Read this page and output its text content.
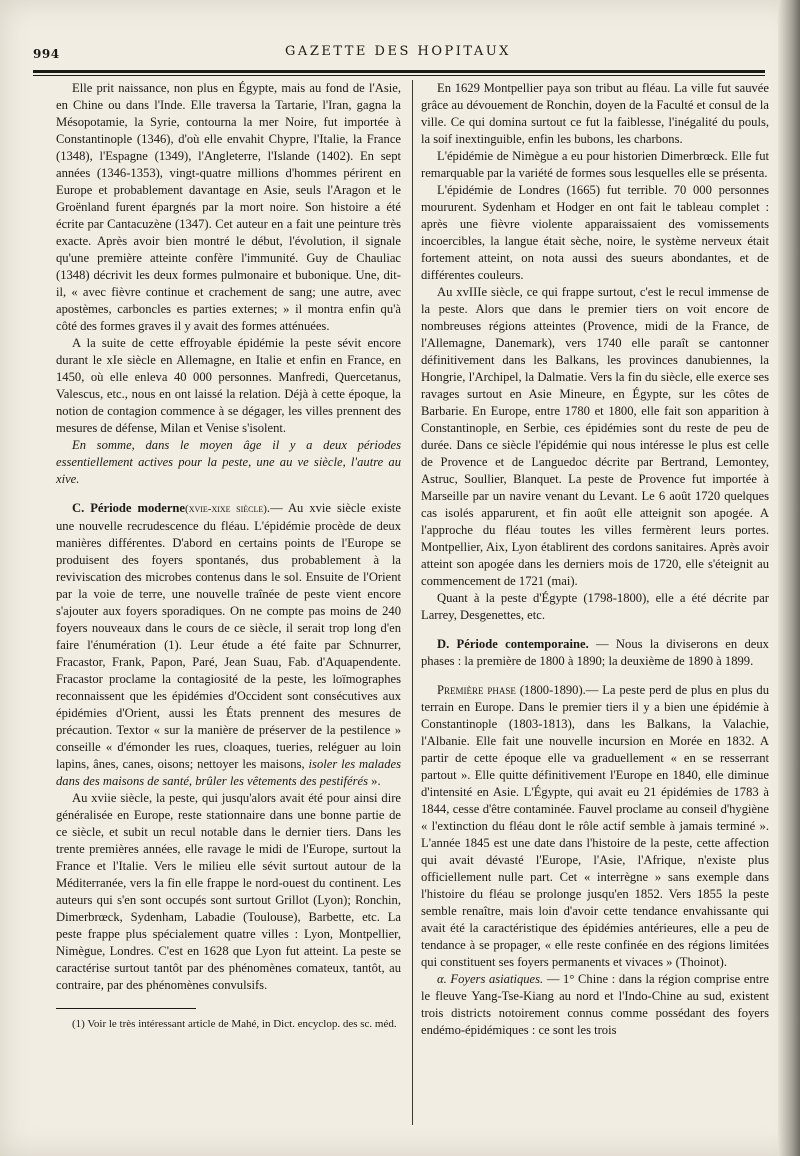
994	GAZETTE DES HOPITAUX

Elle prit naissance, non plus en Égypte, mais au fond de l'Asie, en Chine ou dans l'Inde. Elle traversa la Tartarie, l'Iran, gagna la Mésopotamie, la Syrie, contourna la mer Noire, fut importée à Constantinople (1346), d'où elle envahit Chypre, l'Italie, la France (1348), l'Espagne (1349), l'Angleterre, l'Islande (1402). En sept années (1346-1353), vingt-quatre millions d'hommes périrent en Europe et probablement davantage en Asie, seuls l'Aragon et le Groënland furent épargnés par la mort noire. Son histoire a été écrite par Cantacuzène (1347). Cet auteur en a fait une peinture très exacte. Après avoir bien montré le début, l'évolution, il signale qu'une première atteinte confère l'immunité. Guy de Chauliac (1348) décrivit les deux formes pulmonaire et bubonique. Une, dit-il, « avec fièvre continue et crachement de sang; une autre, avec apostèmes, carboncles es parties externes; » il montra enfin qu'à côté des formes graves il y avait des formes atténuées.

A la suite de cette effroyable épidémie la peste sévit encore durant le xIe siècle en Allemagne, en Italie et enfin en France, en 1450, où elle enleva 40 000 personnes. Manfredi, Quercetanus, Valescus, etc., nous en ont laissé la relation. Déjà à cette époque, la notion de contagion commence à se dégager, les villes prennent des mesures de défense, Milan et Venise s'isolent.

En somme, dans le moyen âge il y a deux périodes essentiellement actives pour la peste, une au ve siècle, l'autre au xive.

C. Période moderne(xvie-xixe siècle).— Au xvie siècle existe une nouvelle recrudescence du fléau. L'épidémie procède de deux manières différentes. D'abord en certains points de l'Europe se produisent des foyers spontanés, dus probablement à la reviviscation des microbes contenus dans le sol. Ensuite de l'Orient par la voie de terre, une nouvelle traînée de peste vient encore s'ajouter aux foyers sporadiques. On ne compte pas moins de 240 foyers nouveaux dans le cours de ce siècle, il serait trop long d'en faire l'énumération (1). Leur étude a été faite par Schnurrer, Fracastor, Frank, Papon, Paré, Jean Suau, Fab. d'Aquapendente. Fracastor proclame la contagiosité de la peste, les loïmographes reconnaissent que les épidémies d'Occident sont consécutives aux épidémies d'Orient, aussi les États prennent des mesures de précaution. Textor « sur la manière de préserver de la pestilence » conseille « d'émonder les rues, cloaques, tueries, reléguer au loin lapins, ânes, canes, oisons; nettoyer les maisons, isoler les malades dans des maisons de santé, brûler les vêtements des pestiférés ».

Au xviie siècle, la peste, qui jusqu'alors avait été pour ainsi dire généralisée en Europe, reste stationnaire dans une bonne partie de ce siècle, et subit un recul notable dans le dernier tiers. Dans les trente premières années, elle ravage le midi de l'Europe, surtout la France et l'Italie. Vers le milieu elle sévit surtout autour de la Méditerranée, vers la fin elle frappe le nord-ouest du continent. Les auteurs qui s'en sont occupés sont surtout Grillot (Lyon); Ronchin, Dimerbrœck, Sydenham, Labadie (Toulouse), Barbette, etc. La peste frappe plus spécialement quatre villes : Lyon, Montpellier, Nimègue, Londres. C'est en 1628 que Lyon fut atteint. La peste se caractérise surtout tantôt par des phénomènes comateux, tantôt, au contraire, par des phénomènes convulsifs.

(1) Voir le très intéressant article de Mahé, in Dict. encyclop. des sc. méd.

En 1629 Montpellier paya son tribut au fléau. La ville fut sauvée grâce au dévouement de Ronchin, doyen de la Faculté et consul de la ville. Ce qui domina surtout ce fut la faiblesse, l'inégalité du pouls, la soif inextinguible, enfin les bubons, les charbons.

L'épidémie de Nimègue a eu pour historien Dimerbrœck. Elle fut remarquable par la variété de formes sous lesquelles elle se présenta.

L'épidémie de Londres (1665) fut terrible. 70 000 personnes moururent. Sydenham et Hodger en ont fait le tableau complet : après une fièvre violente apparaissaient des vomissements incoercibles, la langue était sèche, noire, le système nerveux était fortement atteint, on nota aussi des sueurs abondantes, et de différentes couleurs.

Au xvIIIe siècle, ce qui frappe surtout, c'est le recul immense de la peste. Alors que dans le premier tiers on voit encore de nombreuses régions atteintes (Provence, midi de la France, de l'Allemagne, Danemark), vers 1740 elle paraît se cantonner définitivement dans les Balkans, les provinces danubiennes, la Hongrie, l'Archipel, la Dalmatie. Vers la fin du siècle, elle exerce ses ravages surtout en Asie Mineure, en Égypte, sur les côtes de Barbarie. En Europe, entre 1780 et 1800, elle fait son apparition à Constantinople, en Serbie, ces épidémies sont du reste de peu de durée. Dans ce siècle l'épidémie qui nous intéresse le plus est celle de Provence et de Languedoc décrite par Bertrand, Lemontey, Astruc, Soullier, Blanquet. La peste de Provence fut importée à Marseille par un navire venant du Levant. Le 6 août 1720 quelques cas isolés apparurent, et fin août elle atteignit son apogée. A l'approche du fléau toutes les villes fermèrent leurs portes. Montpellier, Aix, Lyon établirent des cordons sanitaires. Après avoir atteint son apogée dans les derniers mois de 1720, elle s'éteignit au commencement de 1721 (mai).

Quant à la peste d'Égypte (1798-1800), elle a été décrite par Larrey, Desgenettes, etc.

D. Période contemporaine. — Nous la diviserons en deux phases : la première de 1800 à 1890; la deuxième de 1890 à 1899.

Première phase (1800-1890).— La peste perd de plus en plus du terrain en Europe. Dans le premier tiers il y a bien une épidémie à Constantinople (1803-1813), dans les Balkans, la Valachie, l'Albanie. Elle fait une nouvelle incursion en Morée en 1832. A partir de cette époque elle va graduellement « en se resserrant partout ». Elle quitte définitivement l'Europe en 1840, elle diminue d'intensité en Asie. L'Égypte, qui avait eu 21 épidémies de 1783 à 1844, cesse d'être contaminée. Fauvel proclame au conseil d'hygiène « l'extinction du fléau dont le rôle actif semble à jamais terminé ». L'année 1845 est une date dans l'histoire de la peste, cette affection qui avait dévasté l'Europe, l'Asie, l'Afrique, n'existe plus officiellement nulle part. Cet « interrègne » sans exemple dans l'histoire du fléau se prolonge jusqu'en 1852. Vers 1855 la peste semble renaître, mais loin d'avoir cette tendance envahissante qui avait été la caractéristique des épidémies antérieures, elle a peu de tendance à se propager, « elle reste confinée en des régions limitées qui constituent ses foyers permanents et vivaces » (Thoinot).

α. Foyers asiatiques. — 1° Chine : dans la région comprise entre le fleuve Yang-Tse-Kiang au nord et l'Indo-Chine au sud, existent trois districts notoirement connus comme possédant des foyers endémo-épidémiques : ce sont les trois
